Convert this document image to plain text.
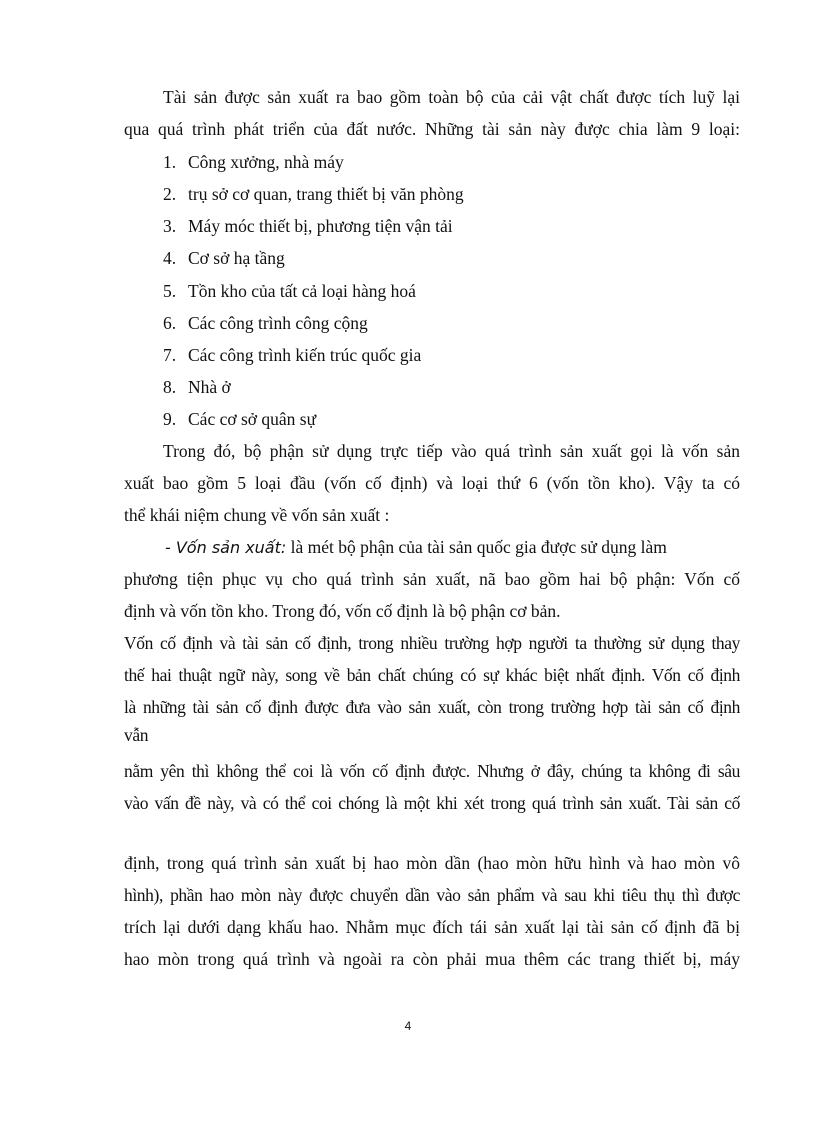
Tài sản được sản xuất ra bao gồm toàn bộ của cải vật chất được tích luỹ lại
qua quá trình phát triển của đất nước. Những tài sản này được chia làm 9 loại:
1. Công xưởng, nhà máy
2. trụ sở cơ quan, trang thiết bị văn phòng
3. Máy móc thiết bị, phương tiện vận tải
4. Cơ sở hạ tầng
5. Tồn kho của tất cả loại hàng hoá
6. Các công trình công cộng
7. Các công trình kiến trúc quốc gia
8. Nhà ở
9. Các cơ sở quân sự
Trong đó, bộ phận sử dụng trực tiếp vào quá trình sản xuất gọi là vốn sản
xuất bao gồm 5 loại đầu (vốn cố định) và loại thứ 6 (vốn tồn kho). Vậy ta có
thể khái niệm chung về vốn sản xuất :
- Vốn sản xuất: là mét bộ phận của tài sản quốc gia được sử dụng làm
phương tiện phục vụ cho quá trình sản xuất, nã bao gồm hai bộ phận: Vốn cố
định và vốn tồn kho. Trong đó, vốn cố định là bộ phận cơ bản.
Vốn cố định và tài sản cố định, trong nhiều trường hợp người ta thường sử dụng thay
thế hai thuật ngữ này, song về bản chất chúng có sự khác biệt nhất định. Vốn cố định
là những tài sản cố định được đưa vào sản xuất, còn trong trường hợp tài sản cố định
vẫn
nằm yên thì không thể coi là vốn cố định được. Nhưng ở đây, chúng ta không đi sâu
vào vấn đề này, và có thể coi chóng là một khi xét trong quá trình sản xuất. Tài sản cố
định, trong quá trình sản xuất bị hao mòn dần (hao mòn hữu hình và hao mòn vô
hình), phần hao mòn này được chuyển dần vào sản phẩm và sau khi tiêu thụ thì được
trích lại dưới dạng khấu hao. Nhằm mục đích tái sản xuất lại tài sản cố định đã bị
hao mòn trong quá trình và ngoài ra còn phải mua thêm các trang thiết bị, máy
4
